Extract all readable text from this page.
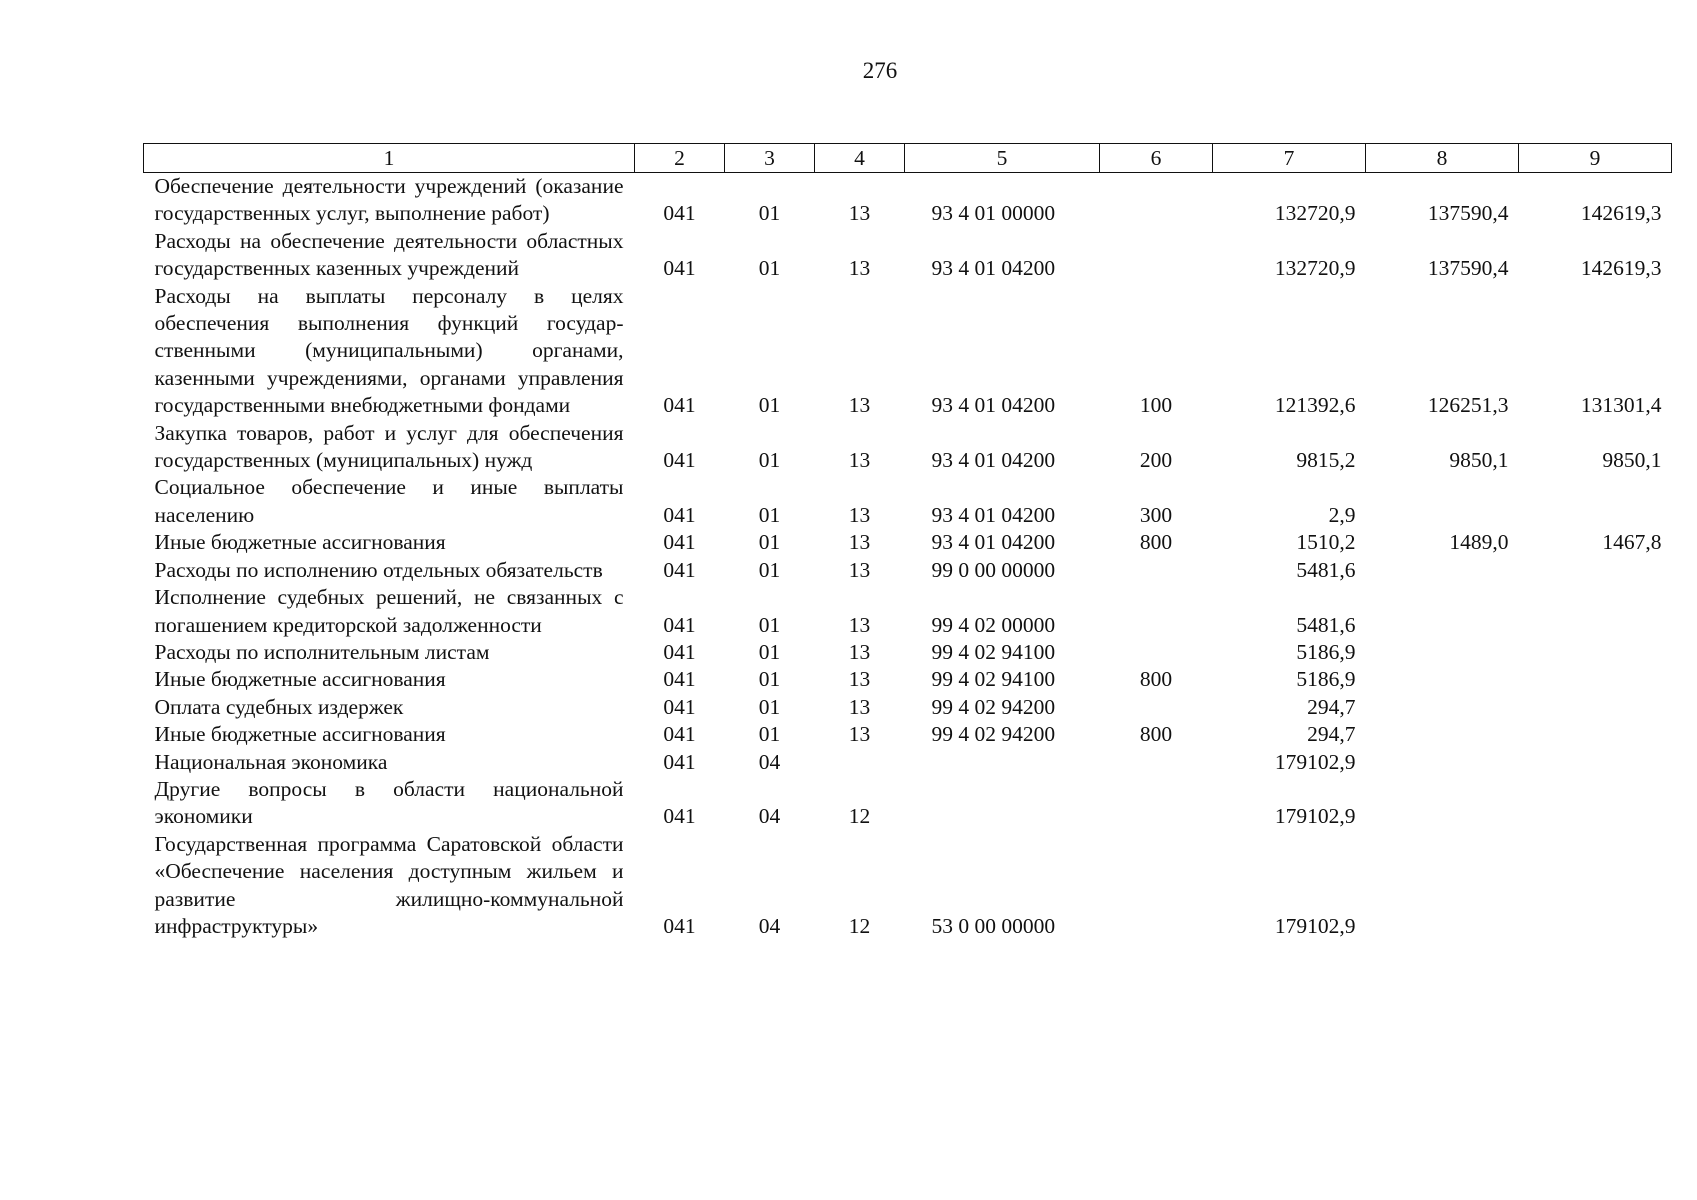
276
1	2	3	4	5	6	7	8	9
Обеспечение деятельности учреждений (оказание государственных услуг, выполнение работ)	041	01	13	93 4 01 00000		132720,9	137590,4	142619,3
Расходы на обеспечение деятельности областных государственных казенных учреждений	041	01	13	93 4 01 04200		132720,9	137590,4	142619,3
Расходы на выплаты персоналу в целях обеспечения выполнения функций государственными (муниципальными) органами, казенными учреждениями, органами управления государственными внебюджетными фондами	041	01	13	93 4 01 04200	100	121392,6	126251,3	131301,4
Закупка товаров, работ и услуг для обеспечения государственных (муниципальных) нужд	041	01	13	93 4 01 04200	200	9815,2	9850,1	9850,1
Социальное обеспечение и иные выплаты населению	041	01	13	93 4 01 04200	300	2,9		
Иные бюджетные ассигнования	041	01	13	93 4 01 04200	800	1510,2	1489,0	1467,8
Расходы по исполнению отдельных обязательств	041	01	13	99 0 00 00000		5481,6		
Исполнение судебных решений, не связанных с погашением кредиторской задолженности	041	01	13	99 4 02 00000		5481,6		
Расходы по исполнительным листам	041	01	13	99 4 02 94100		5186,9		
Иные бюджетные ассигнования	041	01	13	99 4 02 94100	800	5186,9		
Оплата судебных издержек	041	01	13	99 4 02 94200		294,7		
Иные бюджетные ассигнования	041	01	13	99 4 02 94200	800	294,7		
Национальная экономика	041	04				179102,9		
Другие вопросы в области национальной экономики	041	04	12			179102,9		
Государственная программа Саратовской области «Обеспечение населения доступным жильем и развитие жилищно-коммунальной инфраструктуры»	041	04	12	53 0 00 00000		179102,9		
